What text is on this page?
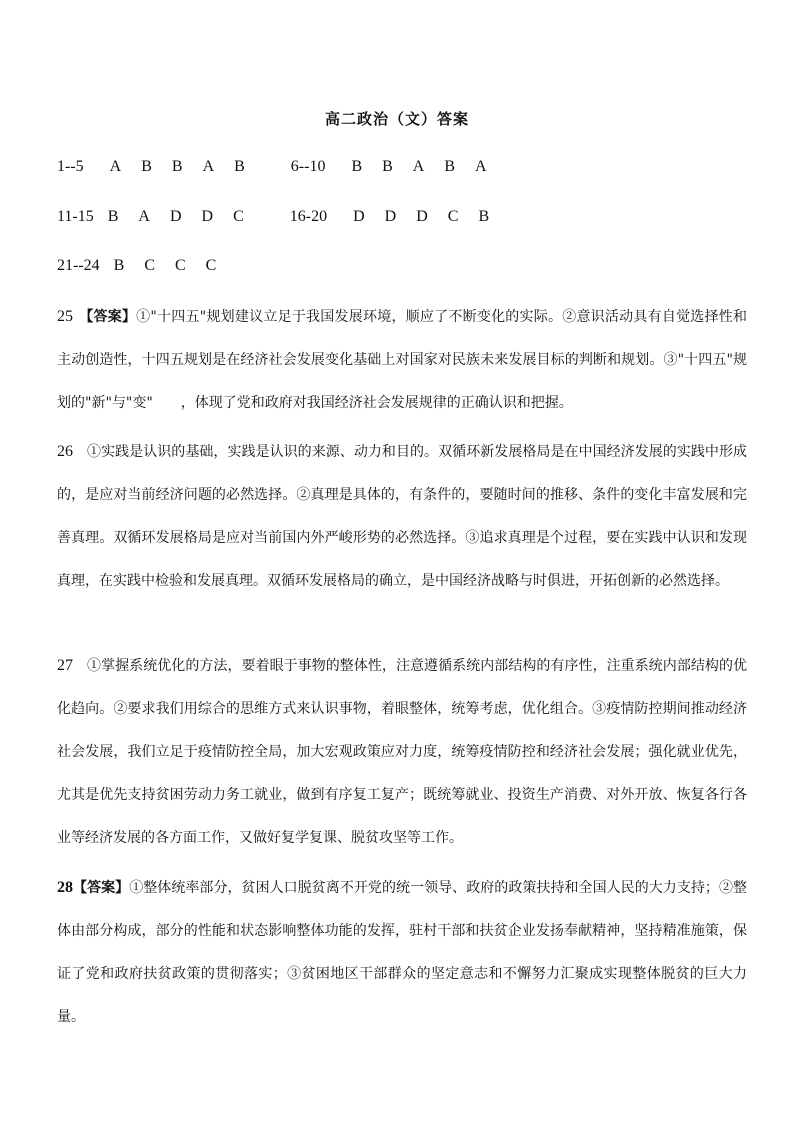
高二政治（文）答案
1--5 A B B A B	6--10 B B A B A
11-15 B A D D C	16-20 D D D C B
21--24 B C C C
25 【答案】①"十四五"规划建议立足于我国发展环境，顺应了不断变化的实际。②意识活动具有自觉选择性和主动创造性，十四五规划是在经济社会发展变化基础上对国家对民族未来发展目标的判断和规划。③"十四五"规划的"新"与"变"　　，体现了党和政府对我国经济社会发展规律的正确认识和把握。
26 ①实践是认识的基础，实践是认识的来源、动力和目的。双循环新发展格局是在中国经济发展的实践中形成的，是应对当前经济问题的必然选择。②真理是具体的，有条件的，要随时间的推移、条件的变化丰富发展和完善真理。双循环发展格局是应对当前国内外严峻形势的必然选择。③追求真理是个过程，要在实践中认识和发现真理，在实践中检验和发展真理。双循环发展格局的确立，是中国经济战略与时俱进，开拓创新的必然选择。
27 ①掌握系统优化的方法，要着眼于事物的整体性，注意遵循系统内部结构的有序性，注重系统内部结构的优化趋向。②要求我们用综合的思维方式来认识事物，着眼整体，统筹考虑，优化组合。③疫情防控期间推动经济社会发展，我们立足于疫情防控全局，加大宏观政策应对力度，统筹疫情防控和经济社会发展；强化就业优先，尤其是优先支持贫困劳动力务工就业，做到有序复工复产；既统筹就业、投资生产消费、对外开放、恢复各行各业等经济发展的各方面工作，又做好复学复课、脱贫攻坚等工作。
28【答案】①整体统率部分，贫困人口脱贫离不开党的统一领导、政府的政策扶持和全国人民的大力支持；②整体由部分构成，部分的性能和状态影响整体功能的发挥，驻村干部和扶贫企业发扬奉献精神，坚持精准施策，保证了党和政府扶贫政策的贯彻落实；③贫困地区干部群众的坚定意志和不懈努力汇聚成实现整体脱贫的巨大力量。
